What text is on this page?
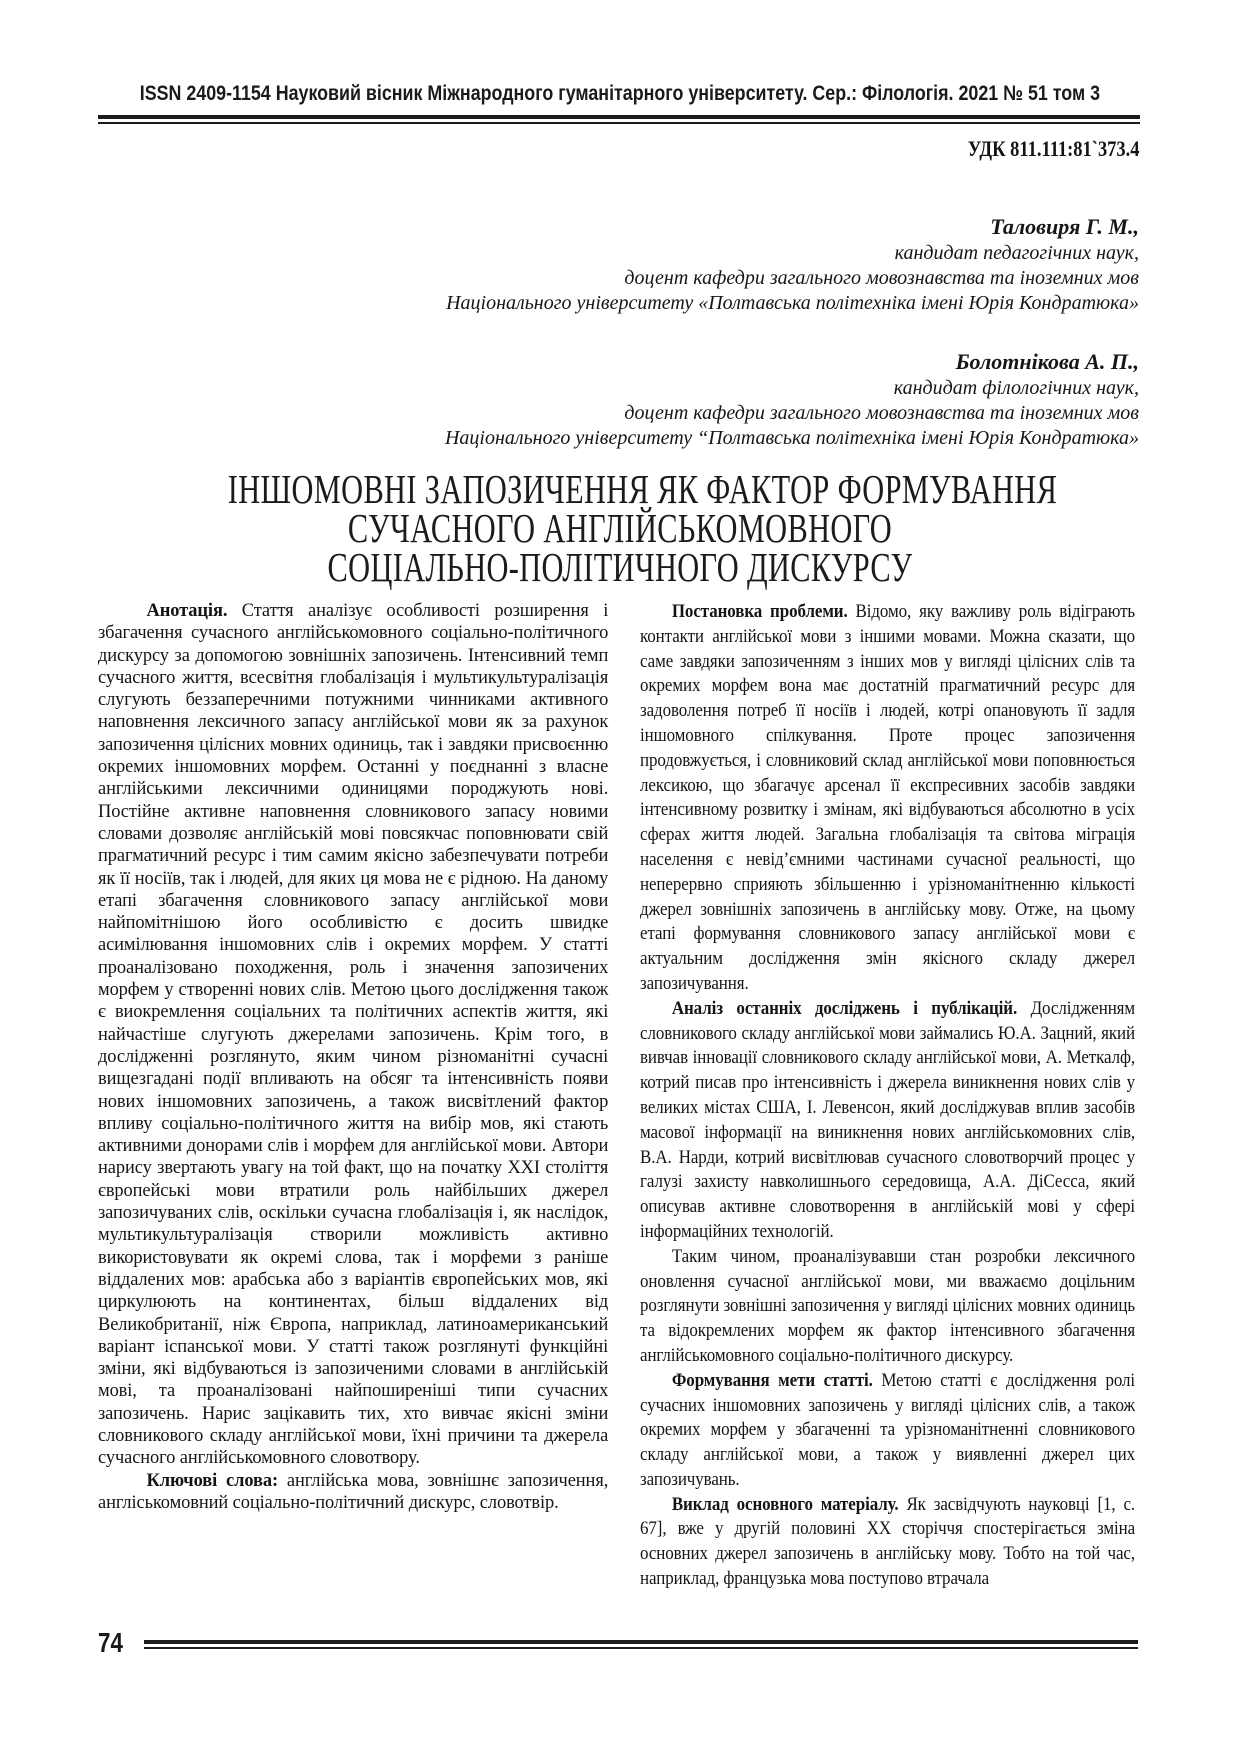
ISSN 2409-1154 Науковий вісник Міжнародного гуманітарного університету. Сер.: Філологія. 2021 № 51 том 3
УДК 811.111:81`373.4
Таловиря Г. М.,
кандидат педагогічних наук,
доцент кафедри загального мовознавства та іноземних мов
Національного університету «Полтавська політехніка імені Юрія Кондратюка»
Болотнікова А. П.,
кандидат філологічних наук,
доцент кафедри загального мовознавства та іноземних мов
Національного університету “Полтавська політехніка імені Юрія Кондратюка»
ІНШОМОВНІ ЗАПОЗИЧЕННЯ ЯК ФАКТОР ФОРМУВАННЯ
СУЧАСНОГО АНГЛІЙСЬКОМОВНОГО
СОЦІАЛЬНО-ПОЛІТИЧНОГО ДИСКУРСУ

Анотація. Стаття аналізує особливості розширення і збагачення сучасного англійськомовного соціально-політичного дискурсу за допомогою зовнішніх запозичень. Інтенсивний темп сучасного життя, всесвітня глобалізація і мультикультуралізація слугують беззаперечними потужними чинниками активного наповнення лексичного запасу англійської мови як за рахунок запозичення цілісних мовних одиниць, так і завдяки присвоєнню окремих іншомовних морфем. Останні у поєднанні з власне англійськими лексичними одиницями породжують нові. Постійне активне наповнення словникового запасу новими словами дозволяє англійській мові повсякчас поповнювати свій прагматичний ресурс і тим самим якісно забезпечувати потреби як її носіїв, так і людей, для яких ця мова не є рідною. На даному етапі збагачення словникового запасу англійської мови найпомітнішою його особливістю є досить швидке асимілювання іншомовних слів і окремих морфем. У статті проаналізовано походження, роль і значення запозичених морфем у створенні нових слів. Метою цього дослідження також є виокремлення соціальних та політичних аспектів життя, які найчастіше слугують джерелами запозичень. Крім того, в дослідженні розглянуто, яким чином різноманітні сучасні вищезгадані події впливають на обсяг та інтенсивність появи нових іншомовних запозичень, а також висвітлений фактор впливу соціально-політичного життя на вибір мов, які стають активними донорами слів і морфем для англійської мови. Автори нарису звертають увагу на той факт, що на початку XXI століття європейські мови втратили роль найбільших джерел запозичуваних слів, оскільки сучасна глобалізація і, як наслідок, мультикультуралізація створили можливість активно використовувати як окремі слова, так і морфеми з раніше віддалених мов: арабська або з варіантів європейських мов, які циркулюють на континентах, більш віддалених від Великобританії, ніж Європа, наприклад, латиноамериканський варіант іспанської мови. У статті також розглянуті функційні зміни, які відбуваються із запозиченими словами в англійській мові, та проаналізовані найпоширеніші типи сучасних запозичень. Нарис зацікавить тих, хто вивчає якісні зміни словникового складу англійської мови, їхні причини та джерела сучасного англійськомовного словотвору.

Ключові слова: англійська мова, зовнішнє запозичення, англіськомовний соціально-політичний дискурс, словотвір.

Постановка проблеми. Відомо, яку важливу роль відіграють контакти англійської мови з іншими мовами. Можна сказати, що саме завдяки запозиченням з інших мов у вигляді цілісних слів та окремих морфем вона має достатній прагматичний ресурс для задоволення потреб її носіїв і людей, котрі опановують її задля іншомовного спілкування. Проте процес запозичення продовжується, і словниковий склад англійської мови поповнюється лексикою, що збагачує арсенал її експресивних засобів завдяки інтенсивному розвитку і змінам, які відбуваються абсолютно в усіх сферах життя людей. Загальна глобалізація та світова міграція населення є невід’ємними частинами сучасної реальності, що неперервно сприяють збільшенню і урізноманітненню кількості джерел зовнішніх запозичень в англійську мову. Отже, на цьому етапі формування словникового запасу англійської мови є актуальним дослідження змін якісного складу джерел запозичування.

Аналіз останніх досліджень і публікацій. Дослідженням словникового складу англійської мови займались Ю.А. Зацний, який вивчав інновації словникового складу англійської мови, А. Меткалф, котрий писав про інтенсивність і джерела виникнення нових слів у великих містах США, І. Левенсон, який досліджував вплив засобів масової інформації на виникнення нових англійськомовних слів, В.А. Нарди, котрий висвітлював сучасного словотворчий процес у галузі захисту навколишнього середовища, А.А. ДіСесса, який описував активне словотворення в англійській мові у сфері інформаційних технологій.

Таким чином, проаналізувавши стан розробки лексичного оновлення сучасної англійської мови, ми вважаємо доцільним розглянути зовнішні запозичення у вигляді цілісних мовних одиниць та відокремлених морфем як фактор інтенсивного збагачення англійськомовного соціально-політичного дискурсу.

Формування мети статті. Метою статті є дослідження ролі сучасних іншомовних запозичень у вигляді цілісних слів, а також окремих морфем у збагаченні та урізноманітненні словникового складу англійської мови, а також у виявленні джерел цих запозичувань.

Виклад основного матеріалу. Як засвідчують науковці [1, с. 67], вже у другій половині XX сторіччя спостерігається зміна основних джерел запозичень в англійську мову. Тобто на той час, наприклад, французька мова поступово втрачала

74
